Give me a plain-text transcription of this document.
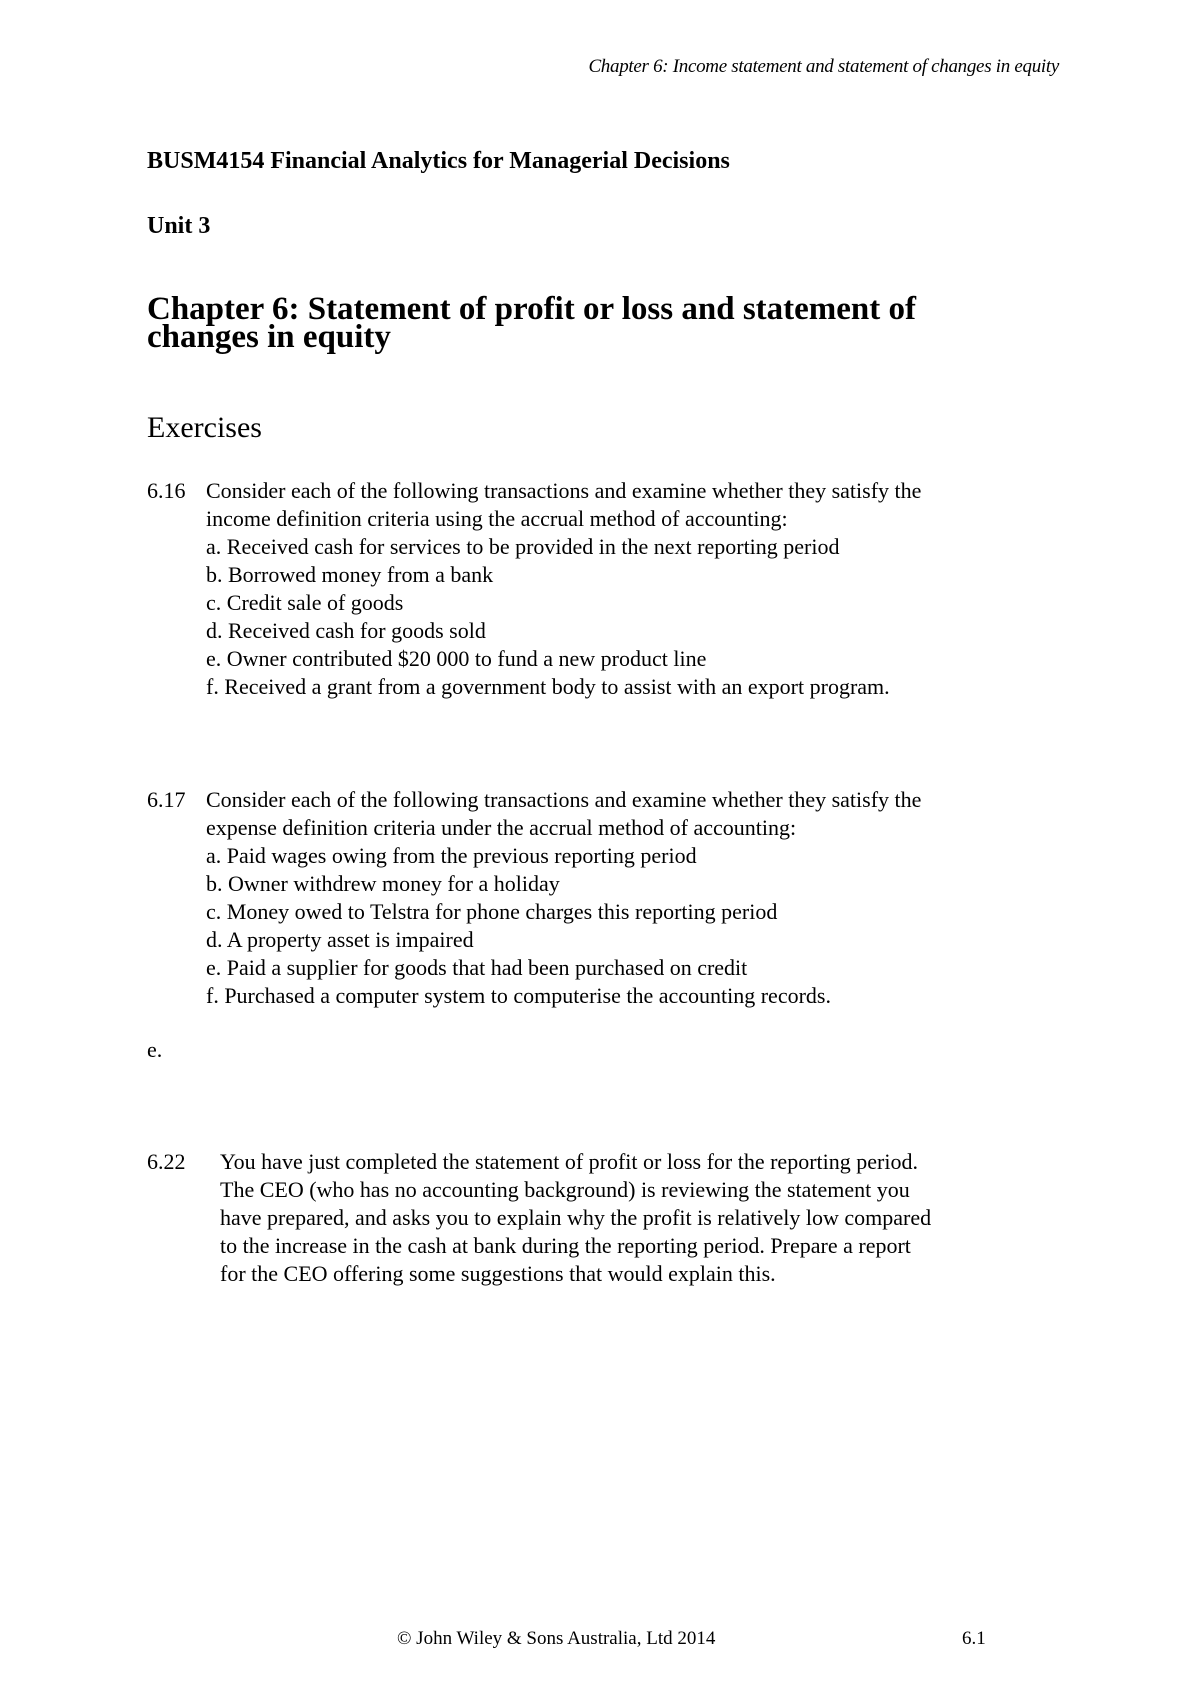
Chapter 6: Income statement and statement of changes in equity
BUSM4154 Financial Analytics for Managerial Decisions
Unit 3
Chapter 6: Statement of profit or loss and statement of
changes in equity
Exercises
6.16 Consider each of the following transactions and examine whether they satisfy the
income definition criteria using the accrual method of accounting:
a. Received cash for services to be provided in the next reporting period
b. Borrowed money from a bank
c. Credit sale of goods
d. Received cash for goods sold
e. Owner contributed $20 000 to fund a new product line
f. Received a grant from a government body to assist with an export program.
6.17 Consider each of the following transactions and examine whether they satisfy the
expense definition criteria under the accrual method of accounting:
a. Paid wages owing from the previous reporting period
b. Owner withdrew money for a holiday
c. Money owed to Telstra for phone charges this reporting period
d. A property asset is impaired
e. Paid a supplier for goods that had been purchased on credit
f. Purchased a computer system to computerise the accounting records.
e.
6.22 You have just completed the statement of profit or loss for the reporting period.
The CEO (who has no accounting background) is reviewing the statement you
have prepared, and asks you to explain why the profit is relatively low compared
to the increase in the cash at bank during the reporting period. Prepare a report
for the CEO offering some suggestions that would explain this.
© John Wiley & Sons Australia, Ltd 2014	6.1
